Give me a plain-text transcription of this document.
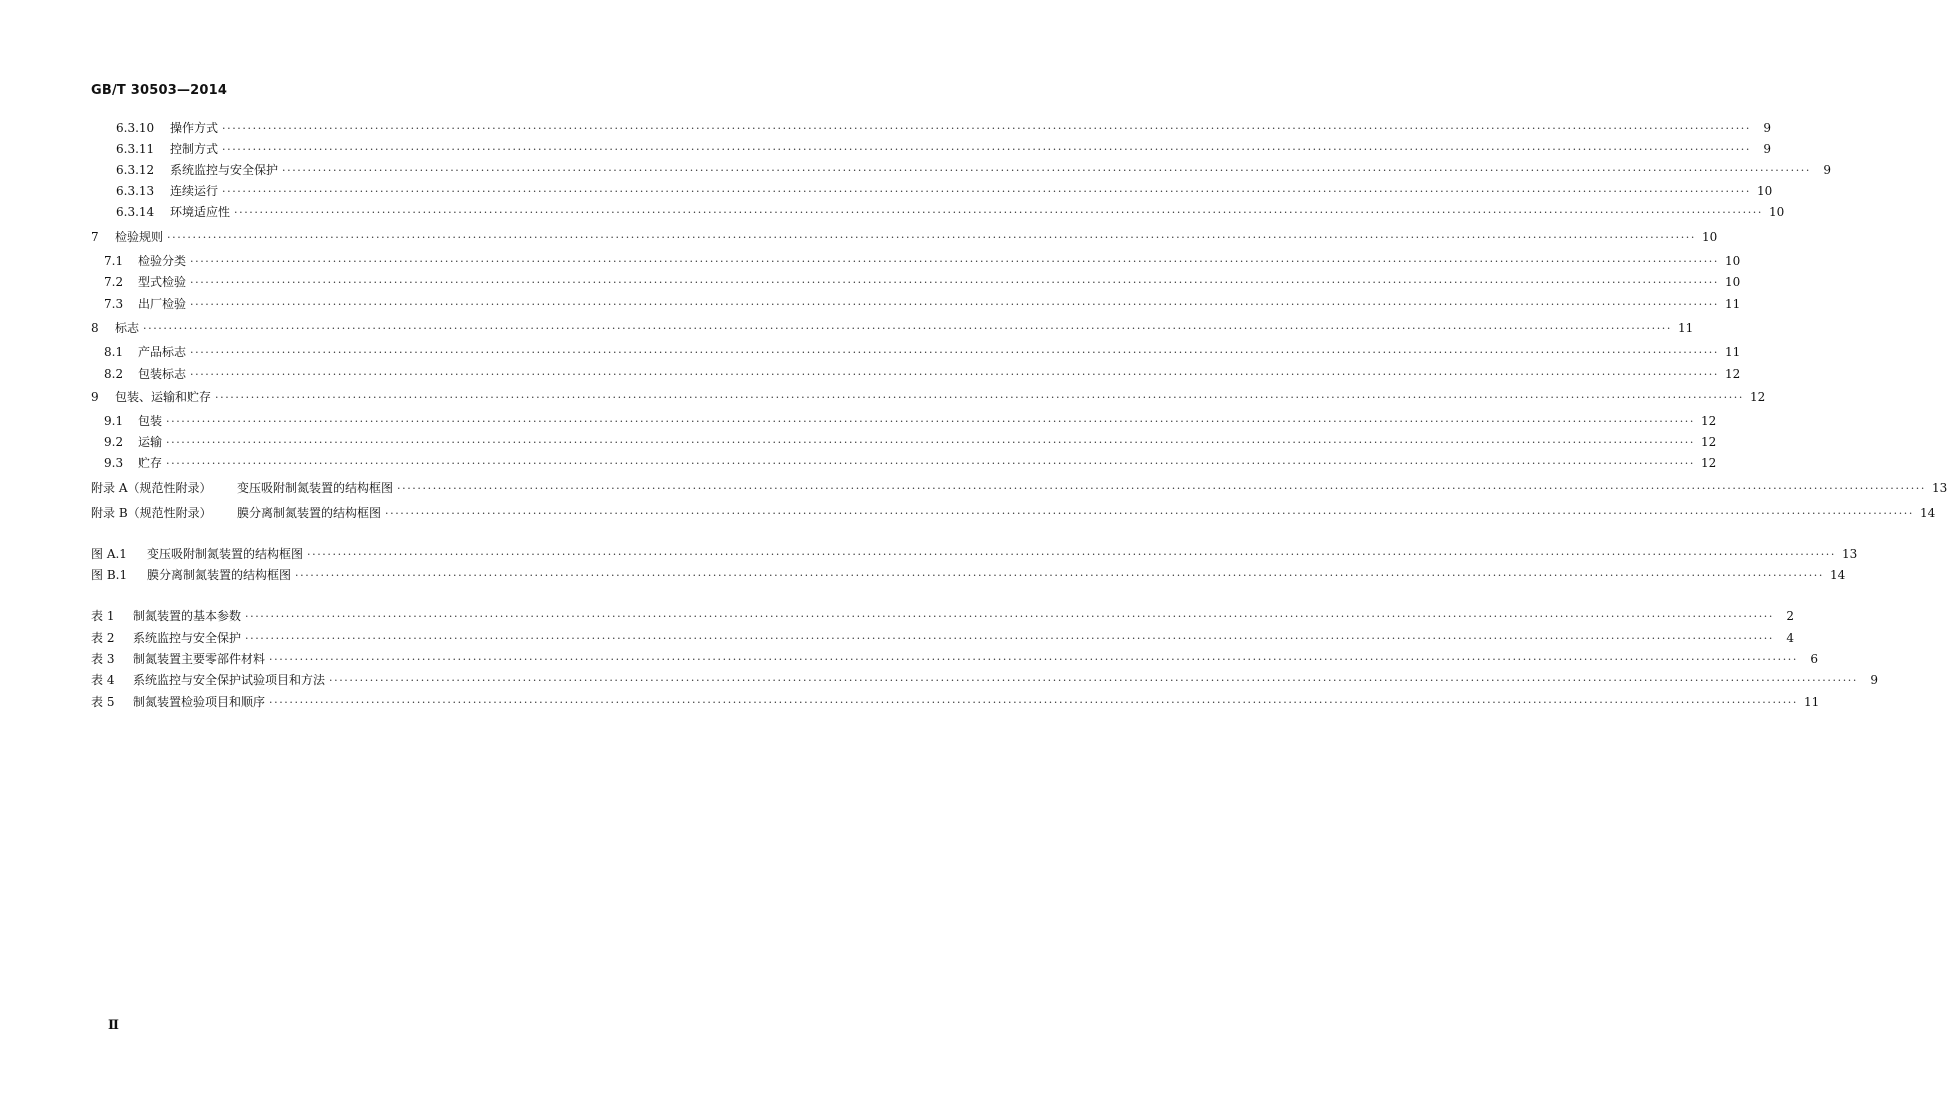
GB/T 30503—2014
6.3.10	操作方式 ············································································································································································································································································································	9
6.3.11	控制方式 ············································································································································································································································································································	9
6.3.12	系统监控与安全保护 ············································································································································································································································································································	9
6.3.13	连续运行 ············································································································································································································································································································ 10
6.3.14	环境适应性 ············································································································································································································································································································ 10
7	检验规则 ············································································································································································································································································································ 10
7.1	检验分类 ············································································································································································································································································································ 10
7.2	型式检验 ············································································································································································································································································································ 10
7.3	出厂检验 ············································································································································································································································································································ 11
8	标志 ············································································································································································································································································································ 11
8.1	产品标志 ············································································································································································································································································································ 11
8.2	包装标志 ············································································································································································································································································································ 12
9	包装、运输和贮存 ············································································································································································································································································································ 12
9.1	包装 ············································································································································································································································································································ 12
9.2	运输 ············································································································································································································································································································ 12
9.3	贮存 ············································································································································································································································································································ 12
附录 A（规范性附录）	变压吸附制氮装置的结构框图 ············································································································································································································································································································ 13
附录 B（规范性附录）	膜分离制氮装置的结构框图 ············································································································································································································································································································ 14
图 A.1	变压吸附制氮装置的结构框图 ············································································································································································································································································································ 13
图 B.1	膜分离制氮装置的结构框图 ············································································································································································································································································································ 14
表 1	制氮装置的基本参数 ············································································································································································································································································································	2
表 2	系统监控与安全保护 ············································································································································································································································································································	4
表 3	制氮装置主要零部件材料 ············································································································································································································································································································	6
表 4	系统监控与安全保护试验项目和方法 ············································································································································································································································································································	9
表 5	制氮装置检验项目和顺序 ············································································································································································································································································································ 11
Ⅱ
